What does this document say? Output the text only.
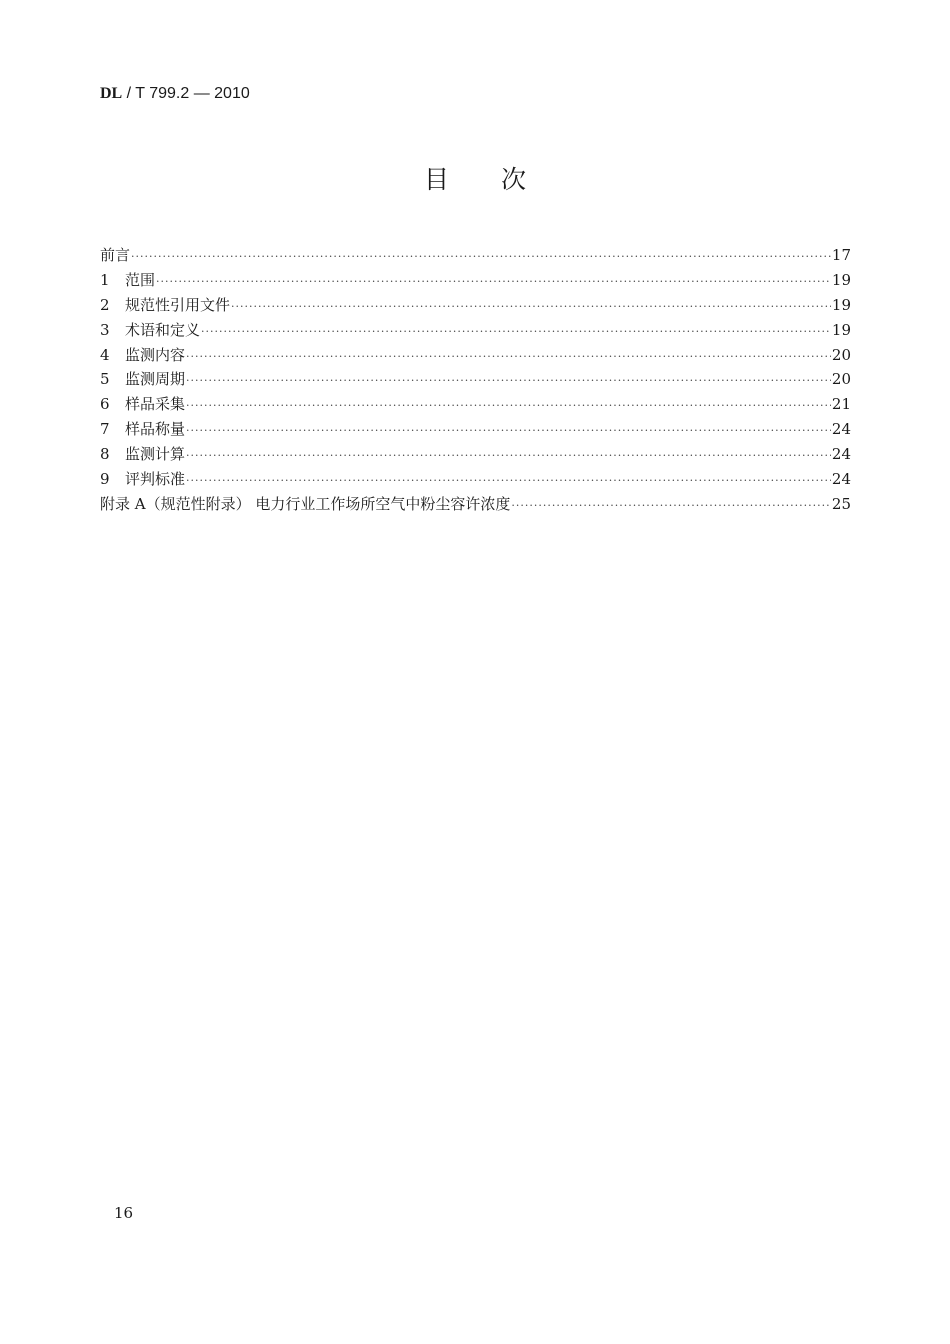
DL / T 799.2 — 2010
目次
前言 ·····	17
1	范围 ·····	19
2	规范性引用文件 ·····	19
3	术语和定义 ·····	19
4	监测内容 ·····	20
5	监测周期 ·····	20
6	样品采集 ·····	21
7	样品称量 ·····	24
8	监测计算 ·····	24
9	评判标准 ·····	24
附录 A（规范性附录） 电力行业工作场所空气中粉尘容许浓度 ·····	25
16
